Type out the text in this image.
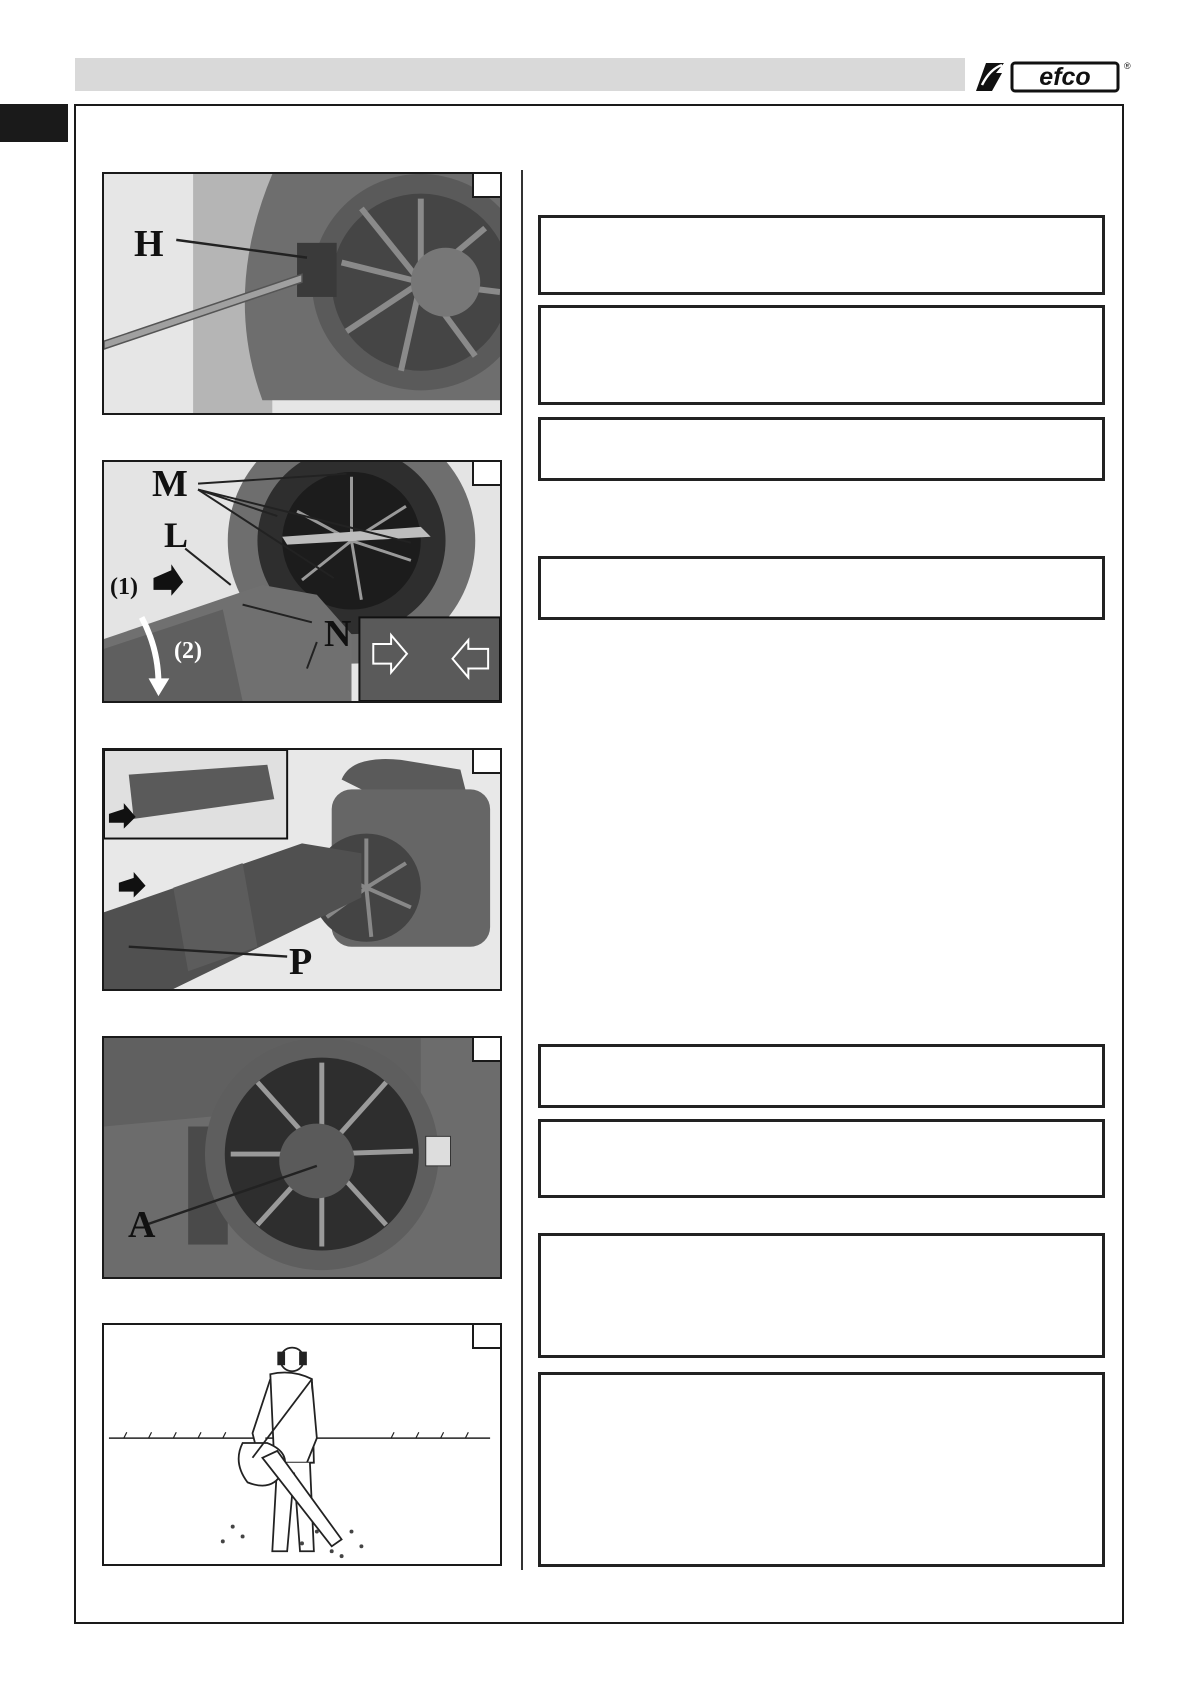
efco	®
H
M
L
(1)
(2)	N
P
A
